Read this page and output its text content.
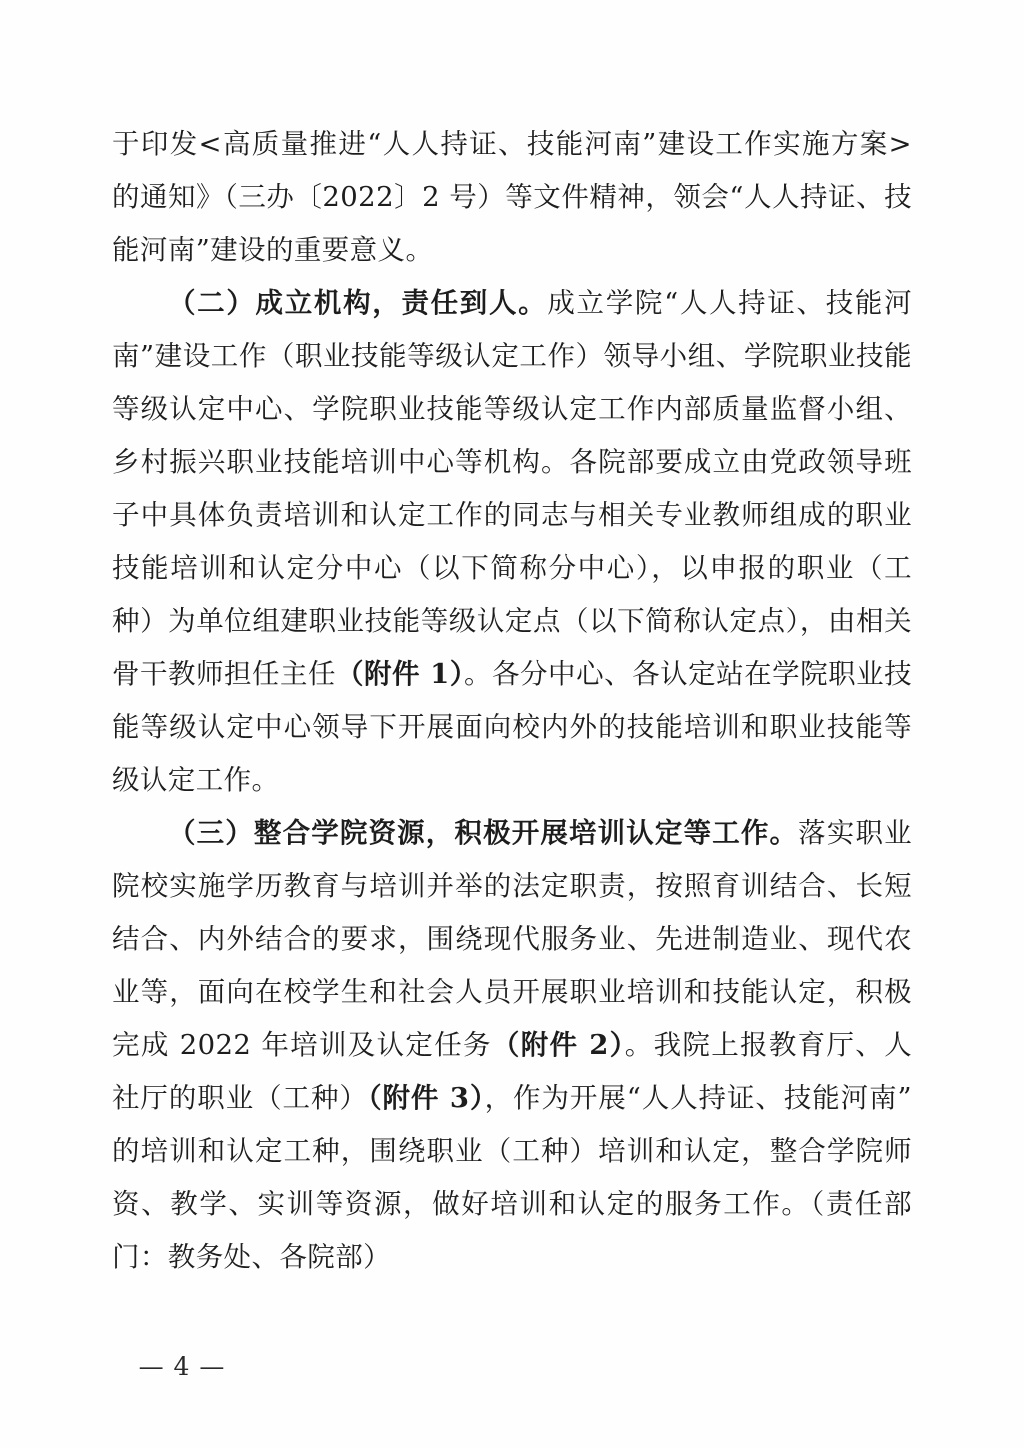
于印发<高质量推进“人人持证、技能河南”建设工作实施方案>的通知》（三办〔2022〕2 号）等文件精神，领会“人人持证、技能河南”建设的重要意义。

（二）成立机构，责任到人。成立学院“人人持证、技能河南”建设工作（职业技能等级认定工作）领导小组、学院职业技能等级认定中心、学院职业技能等级认定工作内部质量监督小组、乡村振兴职业技能培训中心等机构。各院部要成立由党政领导班子中具体负责培训和认定工作的同志与相关专业教师组成的职业技能培训和认定分中心（以下简称分中心），以申报的职业（工种）为单位组建职业技能等级认定点（以下简称认定点），由相关骨干教师担任主任（附件 1）。各分中心、各认定站在学院职业技能等级认定中心领导下开展面向校内外的技能培训和职业技能等级认定工作。

（三）整合学院资源，积极开展培训认定等工作。落实职业院校实施学历教育与培训并举的法定职责，按照育训结合、长短结合、内外结合的要求，围绕现代服务业、先进制造业、现代农业等，面向在校学生和社会人员开展职业培训和技能认定，积极完成 2022 年培训及认定任务（附件 2）。我院上报教育厅、人社厅的职业（工种）（附件 3），作为开展“人人持证、技能河南”的培训和认定工种，围绕职业（工种）培训和认定，整合学院师资、教学、实训等资源，做好培训和认定的服务工作。（责任部门：教务处、各院部）

— 4 —
